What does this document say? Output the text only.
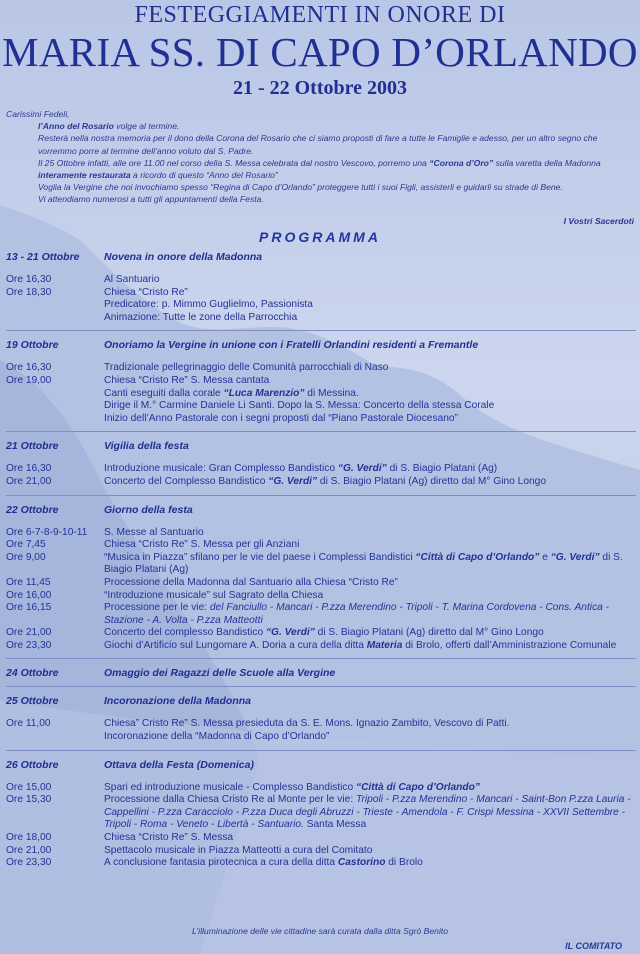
FESTEGGIAMENTI IN ONORE DI
MARIA SS. DI CAPO D’ORLANDO
21 - 22 Ottobre 2003

Carissimi Fedeli,

l’Anno del Rosario volge al termine.

Resterà nella nostra memoria per il dono della Corona del Rosario che ci siamo proposti di fare a tutte le Famiglie e adesso, per un altro segno che vorremmo porre al termine dell’anno voluto dal S. Padre.

Il 25 Ottobre infatti, alle ore 11.00 nel corso della S. Messa celebrata dal nostro Vescovo, porremo una “Corona d’Oro” sulla varetta della Madonna interamente restaurata a ricordo di questo “Anno del Rosario”

Voglia la Vergine che noi invochiamo spesso “Regina di Capo d’Orlando” proteggere tutti i suoi Figli, assisterli e guidarli su strade di Bene.

Vi attendiamo numerosi a tutti gli appuntamenti della Festa.

I Vostri Sacerdoti
PROGRAMMA
13 - 21 Ottobre	Novena in onore della Madonna
Ore 16,30	Al Santuario
Ore 18,30	Chiesa “Cristo Re”
Predicatore: p. Mimmo Guglielmo, Passionista
Animazione: Tutte le zone della Parrocchia
19 Ottobre	Onoriamo la Vergine in unione con i Fratelli Orlandini residenti a Fremantle
Ore 16,30	Tradizionale pellegrinaggio delle Comunità parrocchiali di Naso
Ore 19,00	Chiesa “Cristo Re” S. Messa cantata
Canti eseguiti dalla corale “Luca Marenzio” di Messina.
Dirige il M.° Carmine Daniele Li Santi. Dopo la S. Messa: Concerto della stessa Corale
Inizio dell’Anno Pastorale con i segni proposti dal “Piano Pastorale Diocesano”
21 Ottobre	Vigilia della festa
Ore 16,30	Introduzione musicale: Gran Complesso Bandistico “G. Verdi” di S. Biagio Platani (Ag)
Ore 21,00	Concerto del Complesso Bandistico “G. Verdi” di S. Biagio Platani (Ag) diretto dal M° Gino Longo
22 Ottobre	Giorno della festa
Ore 6-7-8-9-10-11	S. Messe al Santuario
Ore 7,45	Chiesa “Cristo Re” S. Messa per gli Anziani
Ore 9,00	“Musica in Piazza” sfilano per le vie del paese i Complessi Bandistici “Città di Capo d’Orlando” e “G. Verdi” di S. Biagio Platani (Ag)
Ore 11,45	Processione della Madonna dal Santuario alla Chiesa “Cristo Re”
Ore 16,00	“Introduzione musicale” sul Sagrato della Chiesa
Ore 16,15	Processione per le vie: del Fanciullo - Mancari - P.zza Merendino - Tripoli - T. Marina Cordovena - Cons. Antica - Stazione - A. Volta - P.zza Matteotti
Ore 21,00	Concerto del complesso Bandistico “G. Verdi” di S. Biagio Platani (Ag) diretto dal M° Gino Longo
Ore 23,30	Giochi d’Artificio sul Lungomare A. Doria a cura della ditta Materia di Brolo, offerti dall’Amministrazione Comunale
24 Ottobre	Omaggio dei Ragazzi delle Scuole alla Vergine
25 Ottobre	Incoronazione della Madonna
Ore 11,00	Chiesa” Cristo Re” S. Messa presieduta da S. E. Mons. Ignazio Zambito, Vescovo di Patti.
Incoronazione della “Madonna di Capo d’Orlando”
26 Ottobre	Ottava della Festa (Domenica)
Ore 15,00	Spari ed introduzione musicale - Complesso Bandistico “Città di Capo d’Orlando”
Ore 15,30	Processione dalla Chiesa Cristo Re al Monte per le vie: Tripoli - P.zza Merendino - Mancari - Saint-Bon P.zza Lauria - Cappellini - P.zza Caracciolo - P.zza Duca degli Abruzzi - Trieste - Amendola - F. Crispi Messina - XXVII Settembre - Tripoli - Roma - Veneto - Libertà - Santuario. Santa Messa
Ore 18,00	Chiesa “Cristo Re” S. Messa
Ore 21,00	Spettacolo musicale in Piazza Matteotti a cura del Comitato
Ore 23,30	A conclusione fantasia pirotecnica a cura della ditta Castorino di Brolo
L’illuminazione delle vie cittadine sarà curata dalla ditta Sgrò Benito
IL COMITATO
